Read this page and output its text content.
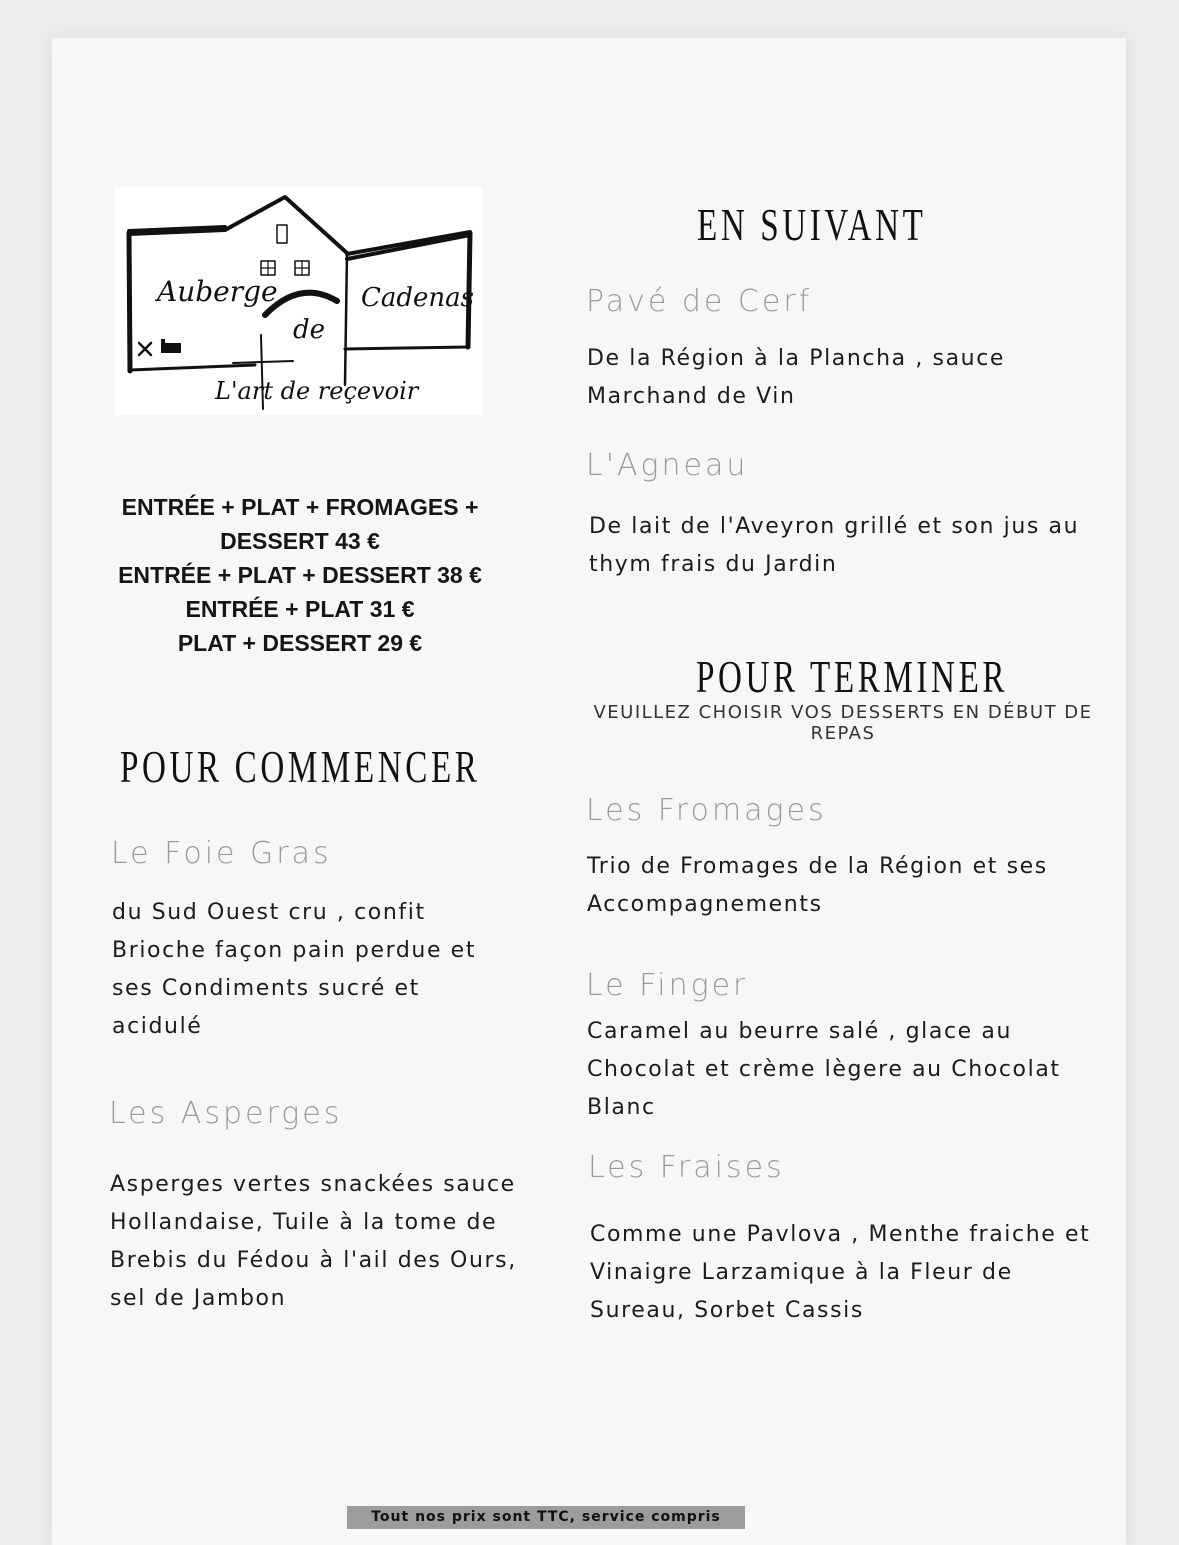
Auberge
de
Cadenas
L'art de reçevoir
ENTRÉE + PLAT + FROMAGES +
DESSERT 43 €
ENTRÉE + PLAT + DESSERT 38 €
ENTRÉE + PLAT 31 €
PLAT + DESSERT 29 €
POUR COMMENCER
Le Foie Gras
du Sud Ouest cru , confit
Brioche façon pain perdue et
ses Condiments sucré et
acidulé
Les Asperges
Asperges vertes snackées sauce
Hollandaise, Tuile à la tome de
Brebis du Fédou à l'ail des Ours,
sel de Jambon
EN SUIVANT
Pavé de Cerf
De la Région à la Plancha , sauce
Marchand de Vin
L'Agneau
De lait de l'Aveyron grillé et son jus au
thym frais du Jardin
POUR TERMINER
VEUILLEZ CHOISIR VOS DESSERTS EN DÉBUT DE REPAS
Les Fromages
Trio de Fromages de la Région et ses
Accompagnements
Le Finger
Caramel au beurre salé , glace au
Chocolat et crème lègere au Chocolat
Blanc
Les Fraises
Comme une Pavlova , Menthe fraiche et
Vinaigre Larzamique à la Fleur de
Sureau, Sorbet Cassis
Tout nos prix sont TTC, service compris
